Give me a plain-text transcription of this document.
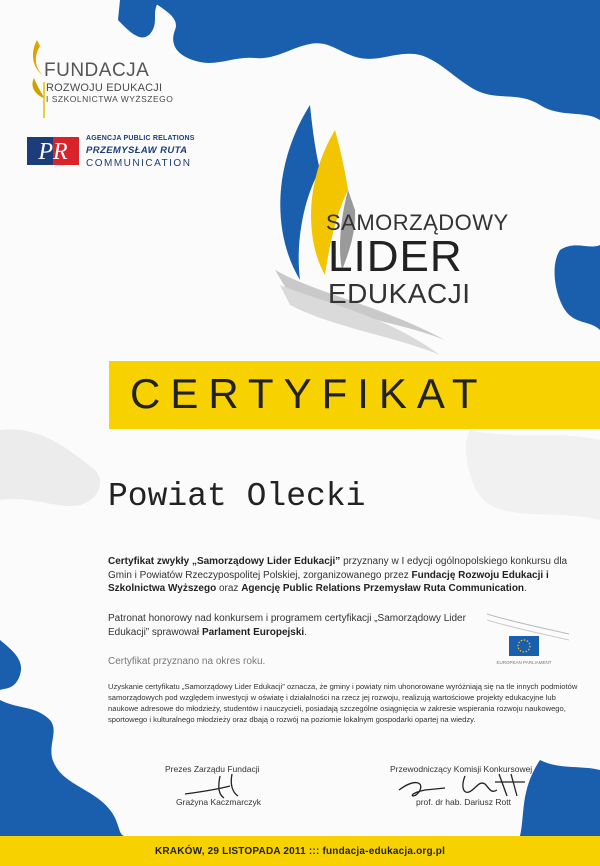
FUNDACJA
ROZWOJU EDUKACJI
I SZKOLNICTWA WYŻSZEGO
PR
AGENCJA PUBLIC RELATIONS
PRZEMYSŁAW RUTA
COMMUNICATION
SAMORZĄDOWY
LIDER
EDUKACJI
CERTYFIKAT
Powiat Olecki
Certyfikat zwykły „Samorządowy Lider Edukacji” przyznany w I edycji ogólnopolskiego konkursu dla Gmin i Powiatów Rzeczypospolitej Polskiej, zorganizowanego przez Fundację Rozwoju Edukacji i Szkolnictwa Wyższego oraz Agencję Public Relations Przemysław Ruta Communication.
Patronat honorowy nad konkursem i programem certyfikacji „Samorządowy Lider Edukacji” sprawował Parlament Europejski.
EUROPEAN PARLIAMENT
Certyfikat przyznano na okres roku.
Uzyskanie certyfikatu „Samorządowy Lider Edukacji” oznacza, że gminy i powiaty nim uhonorowane wyróżniają się na tle innych podmiotów samorządowych pod względem inwestycji w oświatę i działalności na rzecz jej rozwoju, realizują wartościowe projekty edukacyjne lub naukowe adresowe do młodzieży, studentów i nauczycieli, posiadają szczególne osiągnięcia w zakresie wspierania rozwoju naukowego, sportowego i kulturalnego młodzieży oraz dbają o rozwój na poziomie lokalnym gospodarki opartej na wiedzy.
Prezes Zarządu Fundacji
Grażyna Kaczmarczyk
Przewodniczący Komisji Konkursowej
prof. dr hab. Dariusz Rott
KRAKÓW, 29 LISTOPADA 2011 ::: fundacja-edukacja.org.pl
